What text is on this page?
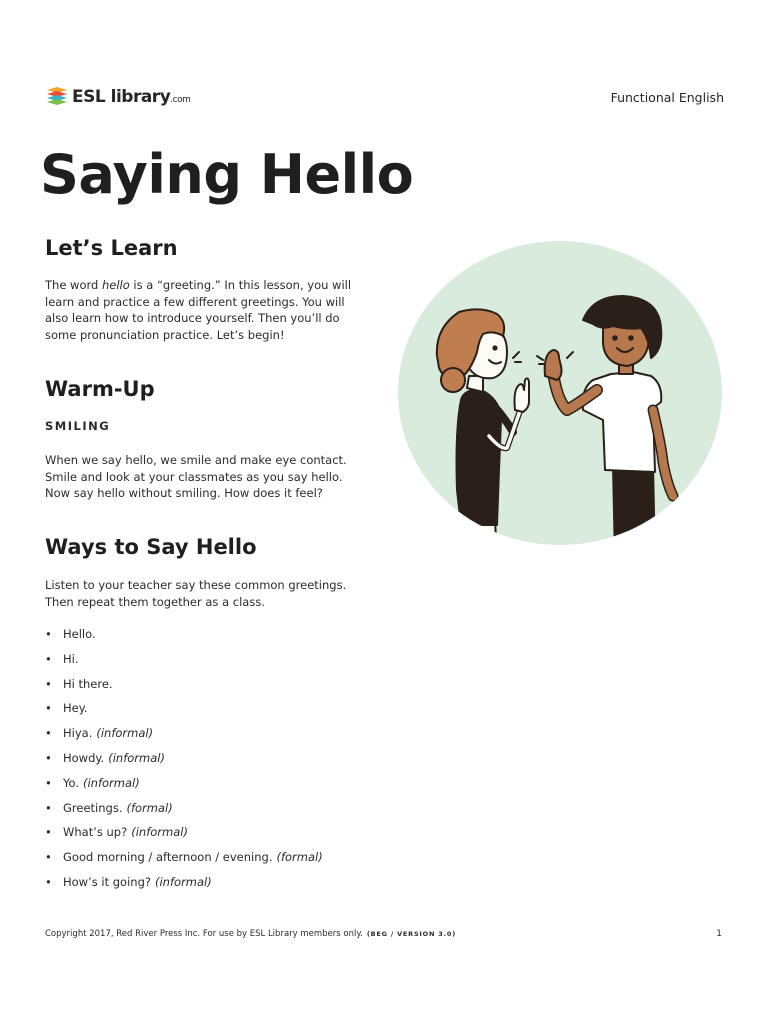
ESL library.com	Functional English
Saying Hello
Let’s Learn

The word hello is a “greeting.” In this lesson, you will learn and practice a few different greetings. You will also learn how to introduce yourself. Then you’ll do some pronunciation practice. Let’s begin!

Warm-Up
SMILING

When we say hello, we smile and make eye contact. Smile and look at your classmates as you say hello. Now say hello without smiling. How does it feel?

Ways to Say Hello

Listen to your teacher say these common greetings. Then repeat them together as a class.

• Hello.
• Hi.
• Hi there.
• Hey.
• Hiya. (informal)
• Howdy. (informal)
• Yo. (informal)
• Greetings. (formal)
• What’s up? (informal)
• Good morning / afternoon / evening. (formal)
• How’s it going? (informal)
Copyright 2017, Red River Press Inc. For use by ESL Library members only. (BEG / VERSION 3.0)	1
